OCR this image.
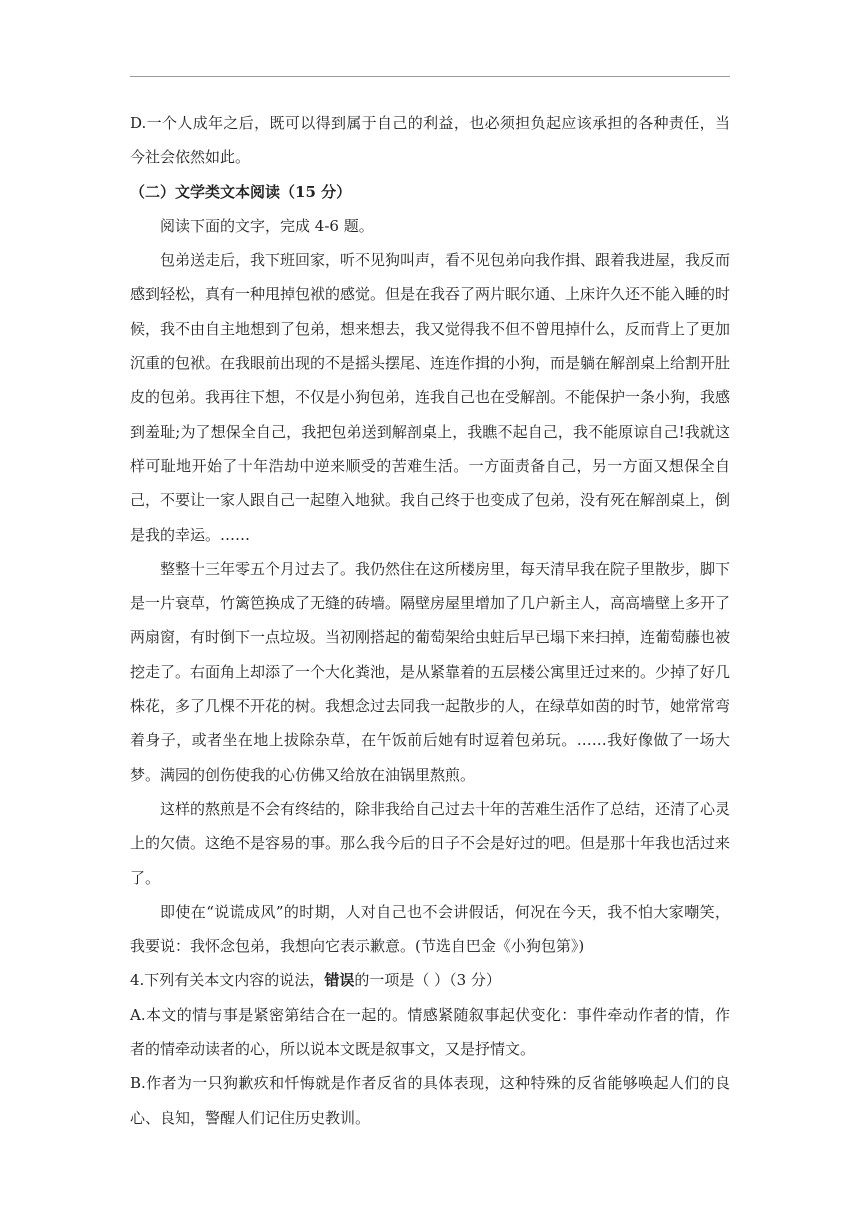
D.一个人成年之后，既可以得到属于自己的利益，也必须担负起应该承担的各种责任，当今社会依然如此。

（二）文学类文本阅读（15 分）

阅读下面的文字，完成 4-6 题。

包弟送走后，我下班回家，听不见狗叫声，看不见包弟向我作揖、跟着我进屋，我反而感到轻松，真有一种甩掉包袱的感觉。但是在我吞了两片眠尔通、上床许久还不能入睡的时候，我不由自主地想到了包弟，想来想去，我又觉得我不但不曾甩掉什么，反而背上了更加沉重的包袱。在我眼前出现的不是摇头摆尾、连连作揖的小狗，而是躺在解剖桌上给割开肚皮的包弟。我再往下想，不仅是小狗包弟，连我自己也在受解剖。不能保护一条小狗，我感到羞耻;为了想保全自己，我把包弟送到解剖桌上，我瞧不起自己，我不能原谅自己!我就这样可耻地开始了十年浩劫中逆来顺受的苦难生活。一方面责备自己，另一方面又想保全自己，不要让一家人跟自己一起堕入地狱。我自己终于也变成了包弟，没有死在解剖桌上，倒是我的幸运。……

整整十三年零五个月过去了。我仍然住在这所楼房里，每天清早我在院子里散步，脚下是一片衰草，竹篱笆换成了无缝的砖墙。隔壁房屋里增加了几户新主人，高高墙壁上多开了两扇窗，有时倒下一点垃圾。当初刚搭起的葡萄架给虫蛀后早已塌下来扫掉，连葡萄藤也被挖走了。右面角上却添了一个大化粪池，是从紧靠着的五层楼公寓里迁过来的。少掉了好几株花，多了几棵不开花的树。我想念过去同我一起散步的人，在绿草如茵的时节，她常常弯着身子，或者坐在地上拔除杂草，在午饭前后她有时逗着包弟玩。……我好像做了一场大梦。满园的创伤使我的心仿佛又给放在油锅里熬煎。

这样的熬煎是不会有终结的，除非我给自己过去十年的苦难生活作了总结，还清了心灵上的欠债。这绝不是容易的事。那么我今后的日子不会是好过的吧。但是那十年我也活过来了。

即使在“说谎成风”的时期，人对自己也不会讲假话，何况在今天，我不怕大家嘲笑，我要说：我怀念包弟，我想向它表示歉意。(节选自巴金《小狗包第》)

4.下列有关本文内容的说法，错误的一项是（ ）（3 分）

A.本文的情与事是紧密第结合在一起的。情感紧随叙事起伏变化：事件牵动作者的情，作者的情牵动读者的心，所以说本文既是叙事文，又是抒情文。

B.作者为一只狗歉疚和忏悔就是作者反省的具体表现，这种特殊的反省能够唤起人们的良心、良知，警醒人们记住历史教训。
